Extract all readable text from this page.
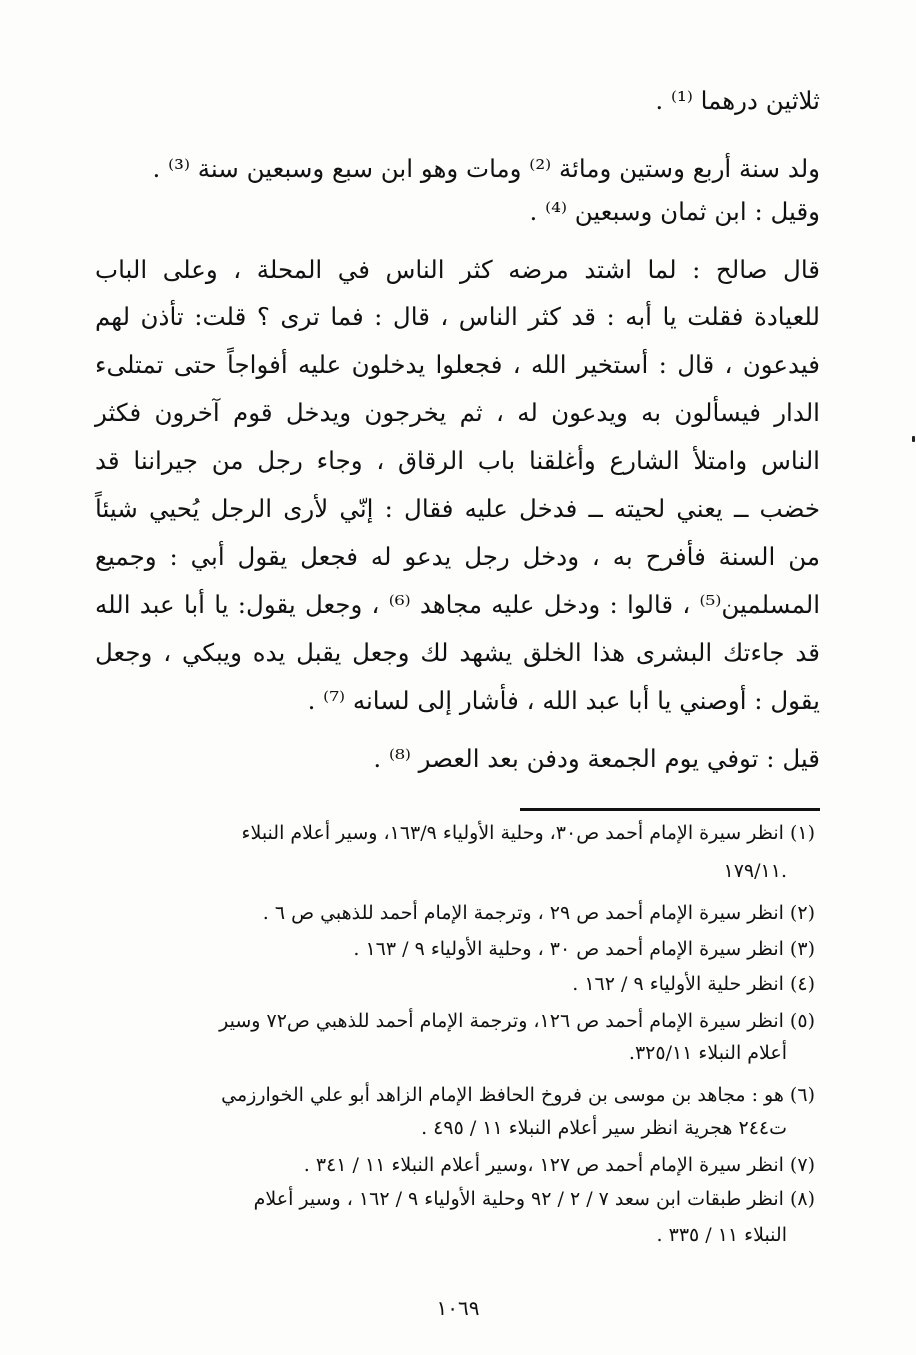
ثلاثين درهما ⁽¹⁾ .
ولد سنة أربع وستين ومائة ⁽²⁾ ومات وهو ابن سبع وسبعين سنة ⁽³⁾ .
وقيل : ابن ثمان وسبعين ⁽⁴⁾ .
قال صالح : لما اشتد مرضه كثر الناس في المحلة ، وعلى الباب
للعيادة فقلت يا أبه : قد كثر الناس ، قال : فما ترى ؟ قلت: تأذن لهم
فيدعون ، قال : أستخير الله ، فجعلوا يدخلون عليه أفواجاً حتى تمتلىء
الدار فيسألون به ويدعون له ، ثم يخرجون ويدخل قوم آخرون فكثر
الناس وامتلأ الشارع وأغلقنا باب الرقاق ، وجاء رجل من جيراننا قد
خضب ــ يعني لحيته ــ فدخل عليه فقال : إنّي لأرى الرجل يُحيي شيئاً
من السنة فأفرح به ، ودخل رجل يدعو له فجعل يقول أبي : وجميع
المسلمين⁽⁵⁾ ، قالوا : ودخل عليه مجاهد ⁽⁶⁾ ، وجعل يقول: يا أبا عبد الله
قد جاءتك البشرى هذا الخلق يشهد لك وجعل يقبل يده ويبكي ، وجعل
يقول : أوصني يا أبا عبد الله ، فأشار إلى لسانه ⁽⁷⁾ .
قيل : توفي يوم الجمعة ودفن بعد العصر ⁽⁸⁾ .
(١) انظر سيرة الإمام أحمد ص٣٠، وحلية الأولياء ١٦٣/٩، وسير أعلام النبلاء
.١٧٩/١١
(٢) انظر سيرة الإمام أحمد ص ٢٩ ، وترجمة الإمام أحمد للذهبي ص ٦ .
(٣) انظر سيرة الإمام أحمد ص ٣٠ ، وحلية الأولياء ٩ / ١٦٣ .
(٤) انظر حلية الأولياء ٩ / ١٦٢ .
(٥) انظر سيرة الإمام أحمد ص ١٢٦، وترجمة الإمام أحمد للذهبي ص٧٢ وسير
أعلام النبلاء ٣٢٥/١١.
(٦) هو : مجاهد بن موسى بن فروخ الحافظ الإمام الزاهد أبو علي الخوارزمي
ت٢٤٤ هجرية انظر سير أعلام النبلاء ١١ / ٤٩٥ .
(٧) انظر سيرة الإمام أحمد ص ١٢٧ ،وسير أعلام النبلاء ١١ / ٣٤١ .
(٨) انظر طبقات ابن سعد ٧ / ٢ / ٩٢ وحلية الأولياء ٩ / ١٦٢ ، وسير أعلام
النبلاء ١١ / ٣٣٥ .
١٠٦٩
